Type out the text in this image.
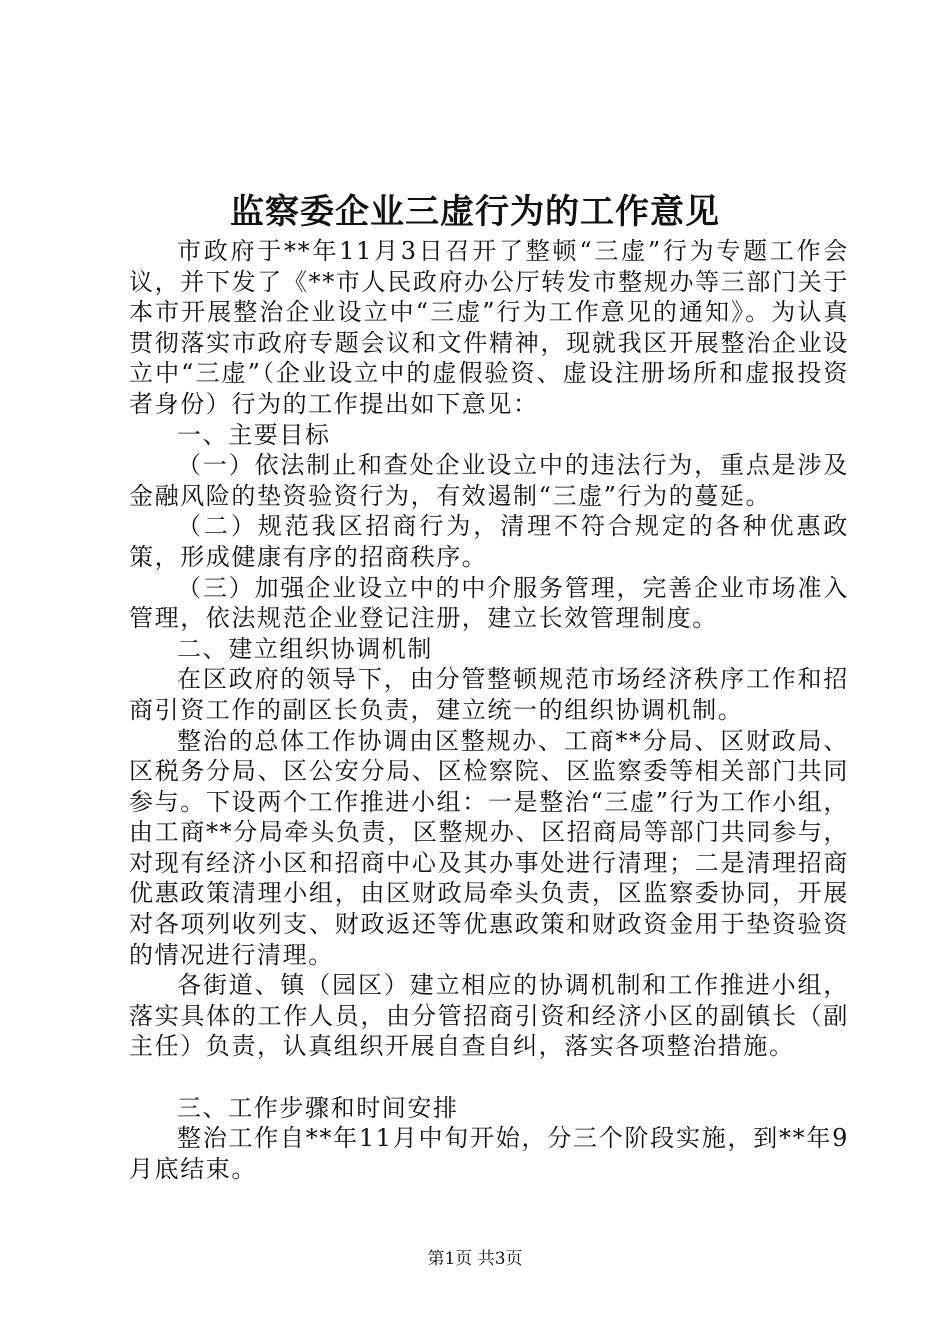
监察委企业三虚行为的工作意见

市政府于**年11月3日召开了整顿“三虚”行为专题工作会议，并下发了《**市人民政府办公厅转发市整规办等三部门关于本市开展整治企业设立中“三虚”行为工作意见的通知》。为认真贯彻落实市政府专题会议和文件精神，现就我区开展整治企业设立中“三虚”（企业设立中的虚假验资、虚设注册场所和虚报投资者身份）行为的工作提出如下意见：

一、主要目标

（一）依法制止和查处企业设立中的违法行为，重点是涉及金融风险的垫资验资行为，有效遏制“三虚”行为的蔓延。

（二）规范我区招商行为，清理不符合规定的各种优惠政策，形成健康有序的招商秩序。

（三）加强企业设立中的中介服务管理，完善企业市场准入管理，依法规范企业登记注册，建立长效管理制度。

二、建立组织协调机制

在区政府的领导下，由分管整顿规范市场经济秩序工作和招商引资工作的副区长负责，建立统一的组织协调机制。

整治的总体工作协调由区整规办、工商**分局、区财政局、区税务分局、区公安分局、区检察院、区监察委等相关部门共同参与。下设两个工作推进小组：一是整治“三虚”行为工作小组，由工商**分局牵头负责，区整规办、区招商局等部门共同参与，对现有经济小区和招商中心及其办事处进行清理；二是清理招商优惠政策清理小组，由区财政局牵头负责，区监察委协同，开展对各项列收列支、财政返还等优惠政策和财政资金用于垫资验资的情况进行清理。

各街道、镇（园区）建立相应的协调机制和工作推进小组，落实具体的工作人员，由分管招商引资和经济小区的副镇长（副主任）负责，认真组织开展自查自纠，落实各项整治措施。

三、工作步骤和时间安排

整治工作自**年11月中旬开始，分三个阶段实施，到**年9月底结束。

第1页 共3页
